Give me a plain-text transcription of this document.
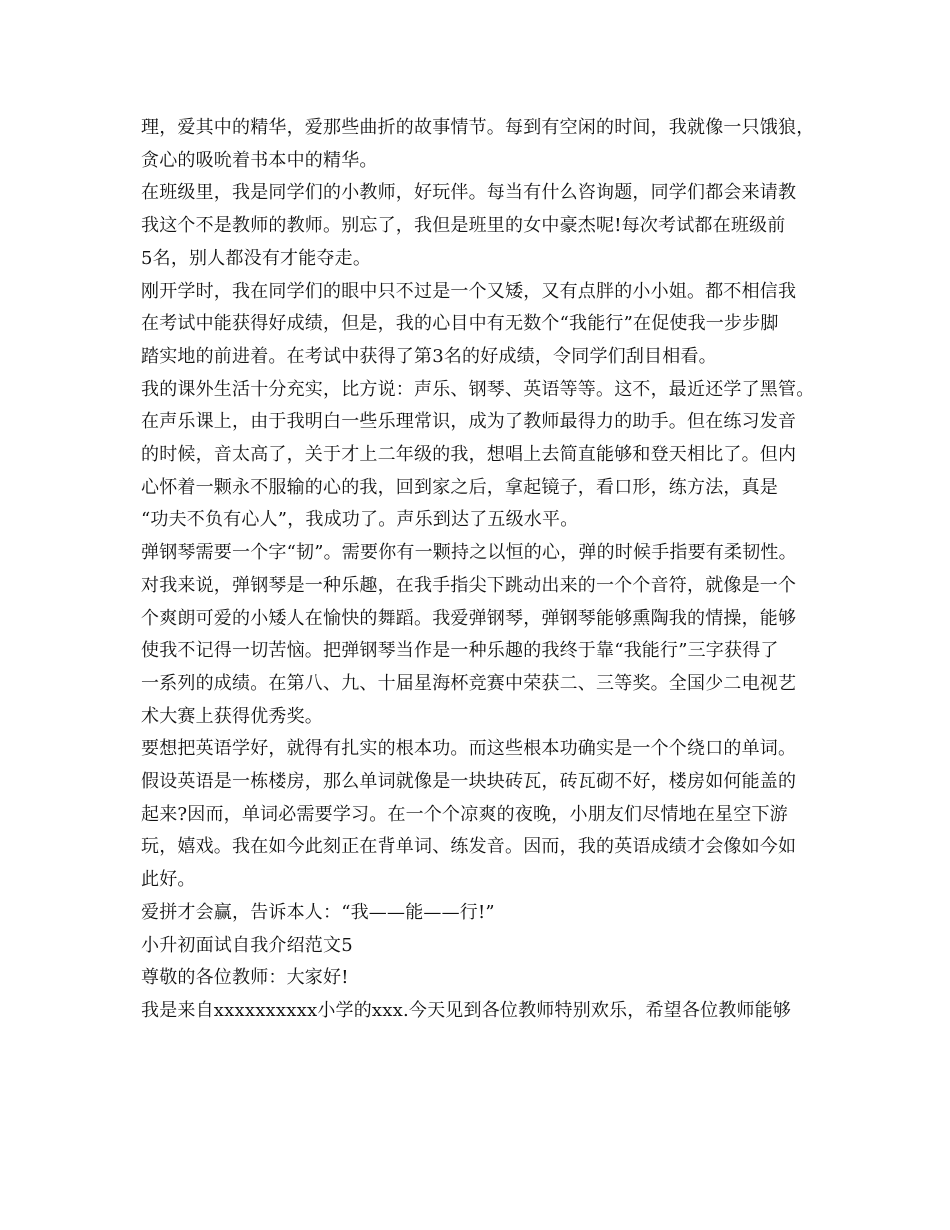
理，爱其中的精华，爱那些曲折的故事情节。每到有空闲的时间，我就像一只饿狼，
贪心的吸吮着书本中的精华。
在班级里，我是同学们的小教师，好玩伴。每当有什么咨询题，同学们都会来请教
我这个不是教师的教师。别忘了，我但是班里的女中豪杰呢!每次考试都在班级前
5名，别人都没有才能夺走。
刚开学时，我在同学们的眼中只不过是一个又矮，又有点胖的小小姐。都不相信我
在考试中能获得好成绩，但是，我的心目中有无数个“我能行”在促使我一步步脚
踏实地的前进着。在考试中获得了第3名的好成绩，令同学们刮目相看。
我的课外生活十分充实，比方说：声乐、钢琴、英语等等。这不，最近还学了黑管。
在声乐课上，由于我明白一些乐理常识，成为了教师最得力的助手。但在练习发音
的时候，音太高了，关于才上二年级的我，想唱上去简直能够和登天相比了。但内
心怀着一颗永不服输的心的我，回到家之后，拿起镜子，看口形，练方法，真是
“功夫不负有心人”，我成功了。声乐到达了五级水平。
弹钢琴需要一个字“韧”。需要你有一颗持之以恒的心，弹的时候手指要有柔韧性。
对我来说，弹钢琴是一种乐趣，在我手指尖下跳动出来的一个个音符，就像是一个
个爽朗可爱的小矮人在愉快的舞蹈。我爱弹钢琴，弹钢琴能够熏陶我的情操，能够
使我不记得一切苦恼。把弹钢琴当作是一种乐趣的我终于靠“我能行”三字获得了
一系列的成绩。在第八、九、十届星海杯竞赛中荣获二、三等奖。全国少二电视艺
术大赛上获得优秀奖。
要想把英语学好，就得有扎实的根本功。而这些根本功确实是一个个绕口的单词。
假设英语是一栋楼房，那么单词就像是一块块砖瓦，砖瓦砌不好，楼房如何能盖的
起来?因而，单词必需要学习。在一个个凉爽的夜晚，小朋友们尽情地在星空下游
玩，嬉戏。我在如今此刻正在背单词、练发音。因而，我的英语成绩才会像如今如
此好。
爱拼才会赢，告诉本人：“我——能——行!”
小升初面试自我介绍范文5
尊敬的各位教师：大家好!
我是来自xxxxxxxxxx小学的xxx.今天见到各位教师特别欢乐，希望各位教师能够
